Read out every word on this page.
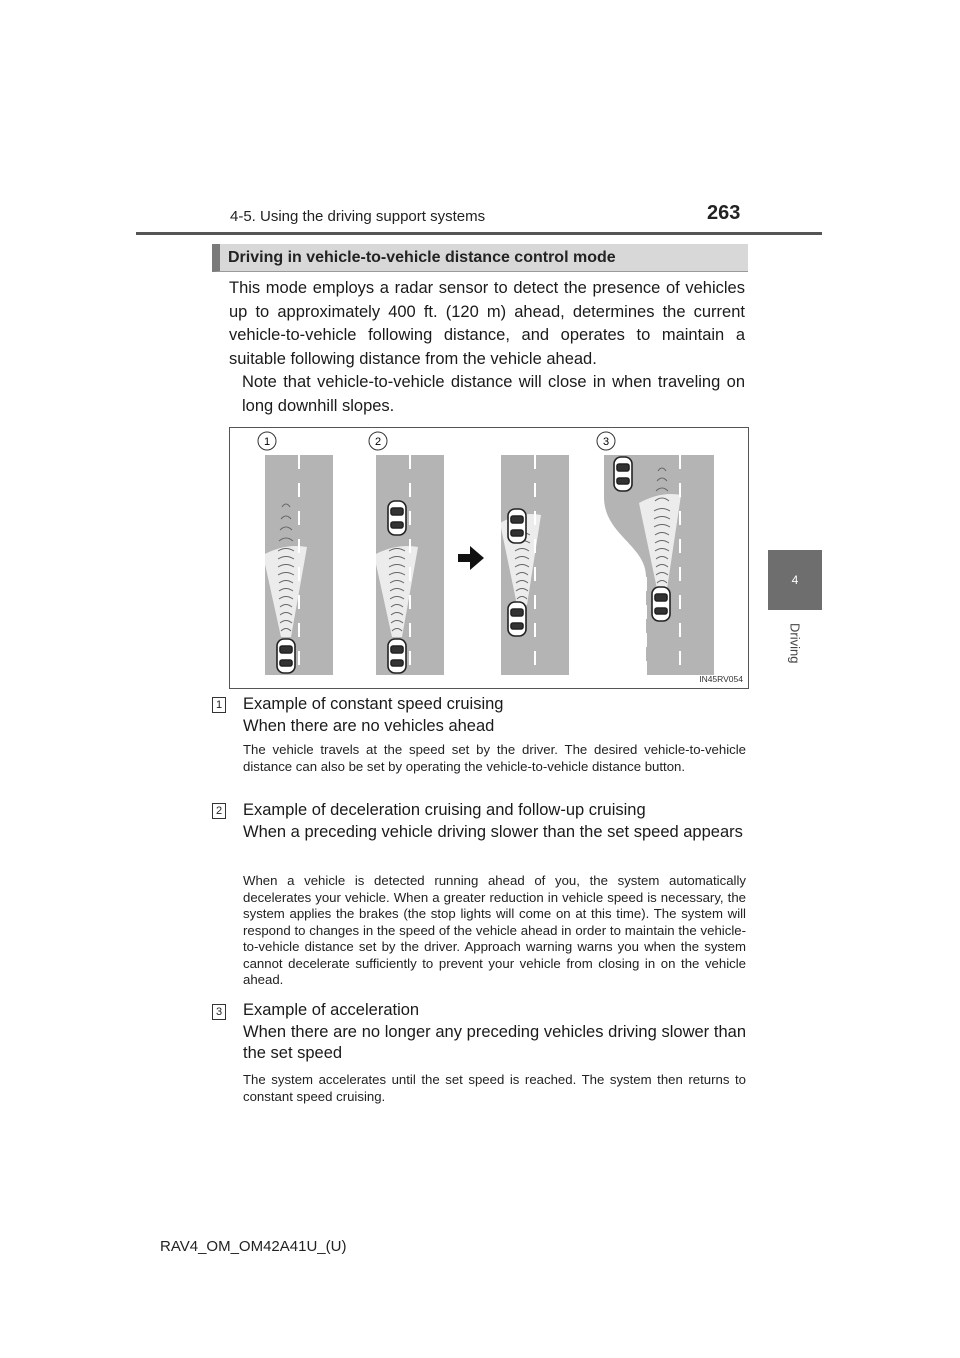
4-5. Using the driving support systems	263
4
Driving
Driving in vehicle-to-vehicle distance control mode
This mode employs a radar sensor to detect the presence of vehicles up to approximately 400 ft. (120 m) ahead, determines the current vehicle-to-vehicle following distance, and operates to maintain a suitable following distance from the vehicle ahead.
Note that vehicle-to-vehicle distance will close in when traveling on long downhill slopes.
1	2	3
IN45RV054
1 Example of constant speed cruising
When there are no vehicles ahead
The vehicle travels at the speed set by the driver. The desired vehicle-to-vehicle distance can also be set by operating the vehicle-to-vehicle distance button.
2 Example of deceleration cruising and follow-up cruising
When a preceding vehicle driving slower than the set speed appears
When a vehicle is detected running ahead of you, the system automatically decelerates your vehicle. When a greater reduction in vehicle speed is necessary, the system applies the brakes (the stop lights will come on at this time). The system will respond to changes in the speed of the vehicle ahead in order to maintain the vehicle-to-vehicle distance set by the driver. Approach warning warns you when the system cannot decelerate sufficiently to prevent your vehicle from closing in on the vehicle ahead.
3 Example of acceleration
When there are no longer any preceding vehicles driving slower than the set speed
The system accelerates until the set speed is reached. The system then returns to constant speed cruising.
RAV4_OM_OM42A41U_(U)
